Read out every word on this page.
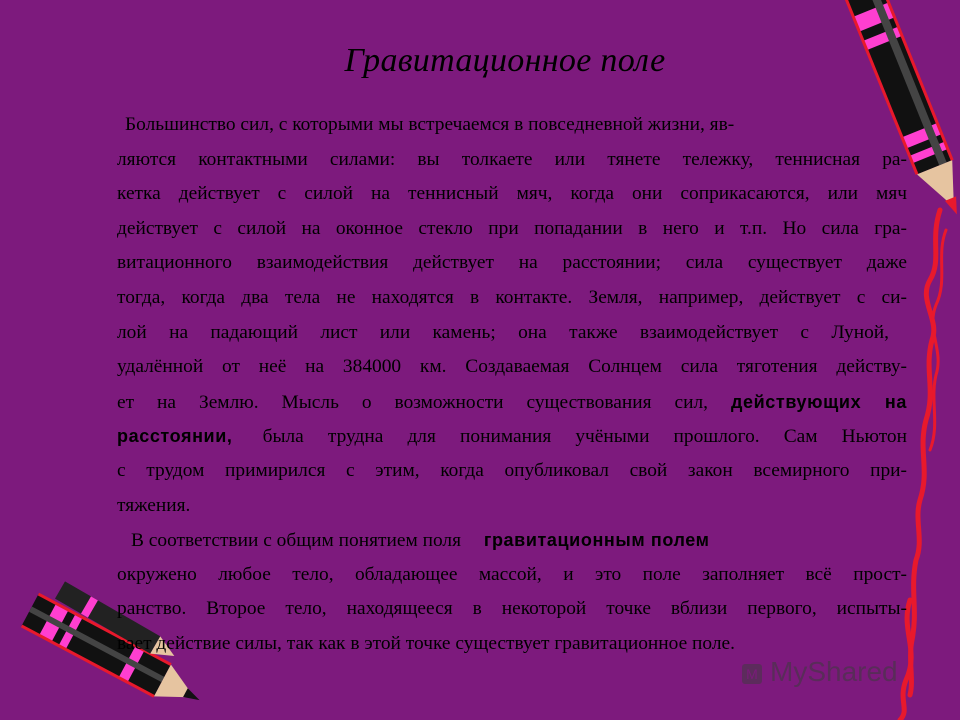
Гравитационное поле
Большинство сил, с которыми мы встречаемся в повседневной жизни, яв-
ляются контактными силами: вы толкаете или тянете тележку, теннисная ра-
кетка действует с силой на теннисный мяч, когда они соприкасаются, или мяч
действует с силой на оконное стекло при попадании в него и т.п. Но сила гра-
витационного взаимодействия действует на расстоянии; сила существует даже
тогда, когда два тела не находятся в контакте. Земля, например, действует с си-
лой на падающий лист или камень; она также взаимодействует с Луной,
удалённой от неё на 384000 км. Создаваемая Солнцем сила тяготения действу-
ет на Землю. Мысль о возможности существования сил, действующих на
расстоянии, была трудна для понимания учёными прошлого. Сам Ньютон
с трудом примирился с этим, когда опубликовал свой закон всемирного при-
тяжения.
В соответствии с общим понятием поля гравитационным полем
окружено любое тело, обладающее массой, и это поле заполняет всё прост-
ранство. Второе тело, находящееся в некоторой точке вблизи первого, испыты-
вает действие силы, так как в этой точке существует гравитационное поле.
M MyShared
